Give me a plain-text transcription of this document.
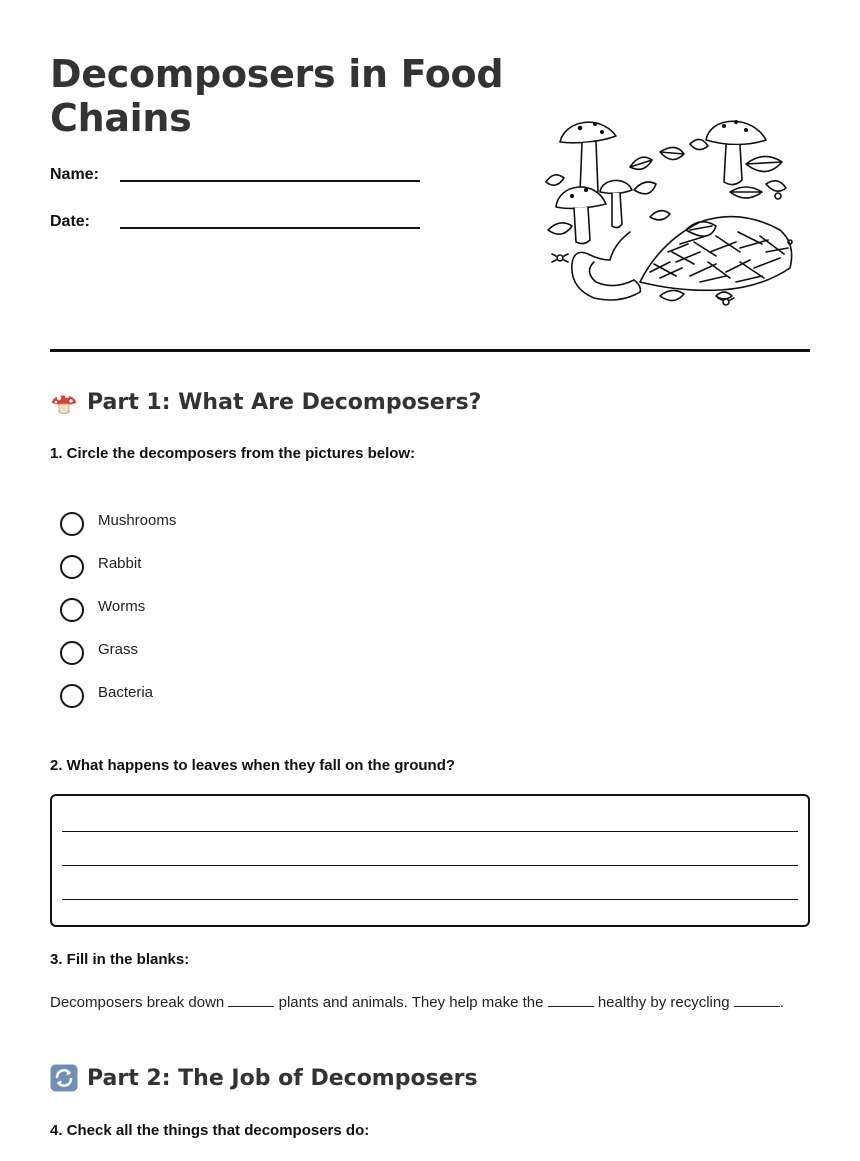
Decomposers in Food Chains
Name:
Date:
Part 1: What Are Decomposers?
1. Circle the decomposers from the pictures below:
Mushrooms
Rabbit
Worms
Grass
Bacteria
2. What happens to leaves when they fall on the ground?
3. Fill in the blanks:
Decomposers break down	plants and animals. They help make the	healthy by recycling	.
Part 2: The Job of Decomposers
4. Check all the things that decomposers do:
